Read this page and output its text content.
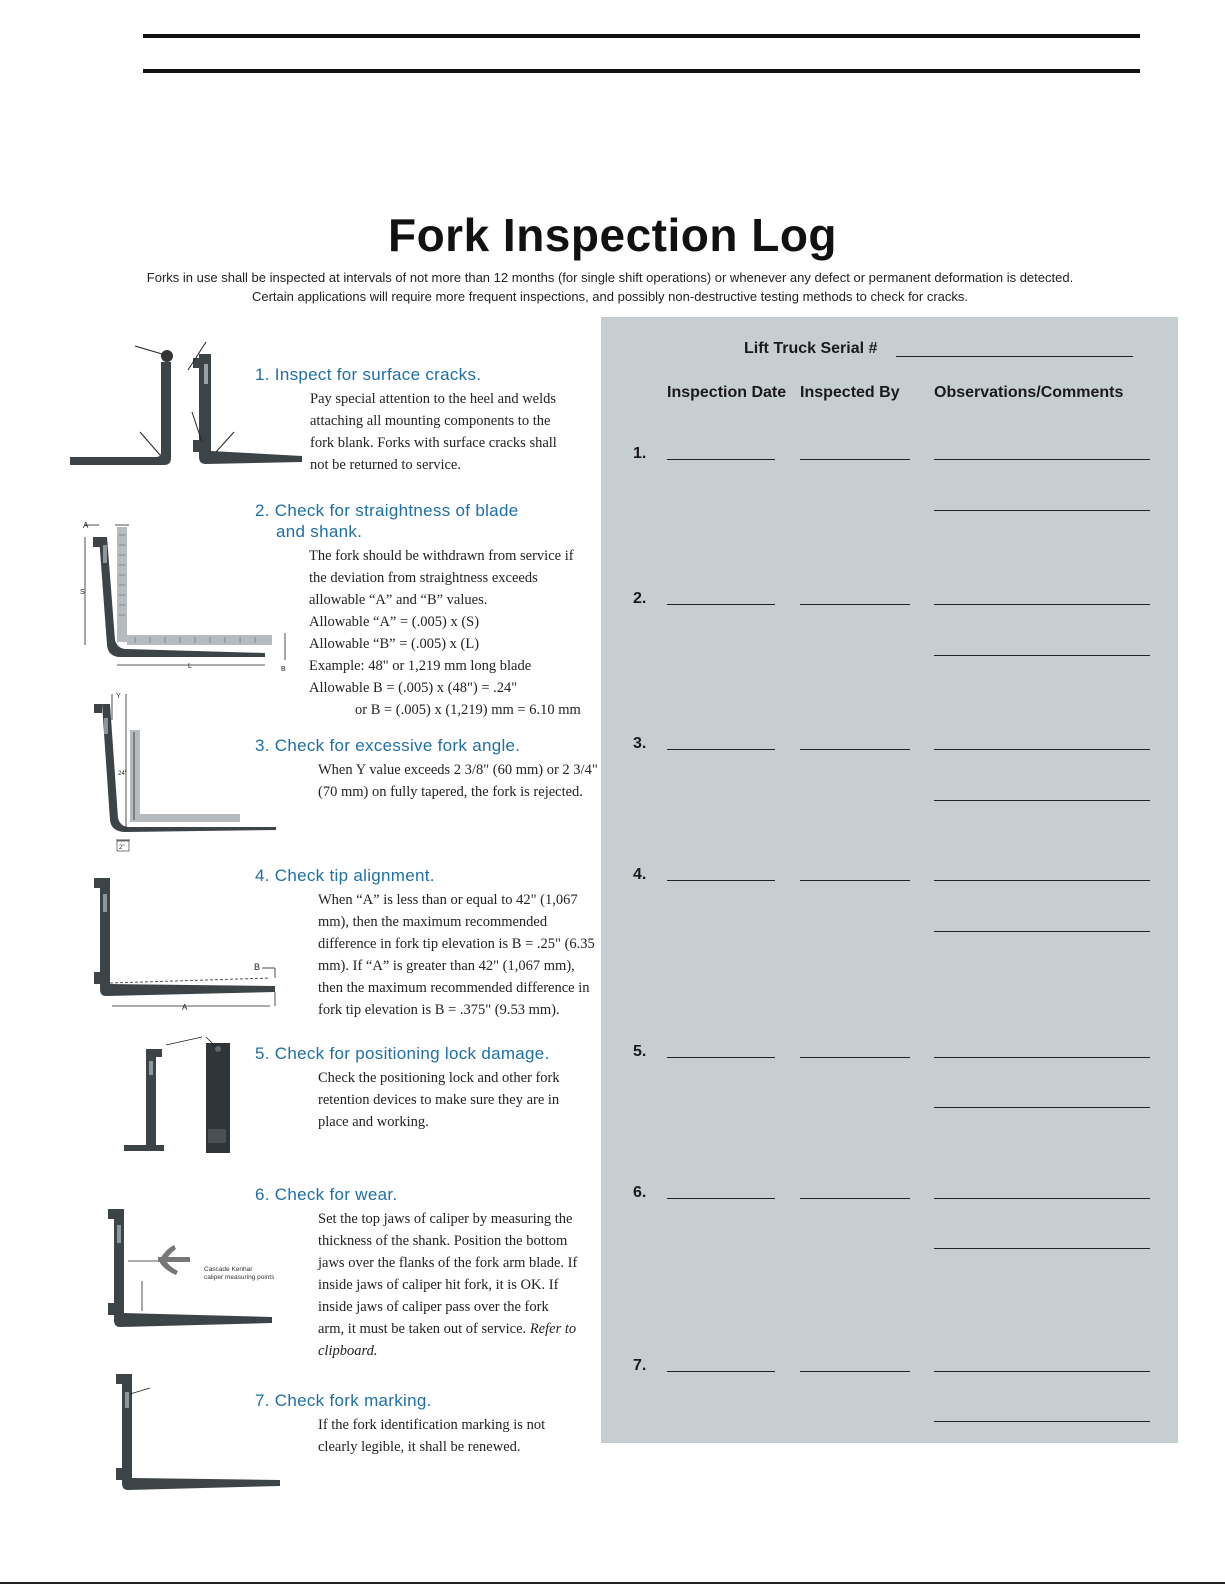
Fork Inspection Log
Forks in use shall be inspected at intervals of not more than 12 months (for single shift operations) or whenever any defect or permanent deformation is detected.
Certain applications will require more frequent inspections, and possibly non-destructive testing methods to check for cracks.
Lift Truck Serial #
Inspection Date Inspected By Observations/Comments
1.
2.
3.
4.
5.
6.
7.
1. Inspect for surface cracks.
Pay special attention to the heel and welds attaching all mounting components to the fork blank. Forks with surface cracks shall not be returned to service.
2. Check for straightness of blade
and shank.
The fork should be withdrawn from service if
the deviation from straightness exceeds
allowable “A” and “B” values.
Allowable “A” = (.005) x (S)
Allowable “B” = (.005) x (L)
Example: 48" or 1,219 mm long blade
Allowable B = (.005) x (48") = .24"
or B = (.005) x (1,219) mm = 6.10 mm
3. Check for excessive fork angle.
When Y value exceeds 2 3/8" (60 mm) or 2 3/4" (70 mm) on fully tapered, the fork is rejected.
4. Check tip alignment.
When “A” is less than or equal to 42" (1,067 mm), then the maximum recommended difference in fork tip elevation is B = .25" (6.35 mm). If “A” is greater than 42" (1,067 mm), then the maximum recommended difference in fork tip elevation is B = .375" (9.53 mm).
5. Check for positioning lock damage.
Check the positioning lock and other fork retention devices to make sure they are in place and working.
6. Check for wear.
Set the top jaws of caliper by measuring the thickness of the shank. Position the bottom jaws over the flanks of the fork arm blade. If inside jaws of caliper hit fork, it is OK. If inside jaws of caliper pass over the fork arm, it must be taken out of service. Refer to clipboard.
7. Check fork marking.
If the fork identification marking is not clearly legible, it shall be renewed.
A
S
L	B
Y
24"
2"
A
B
Cascade Kenhar
caliper measuring points
